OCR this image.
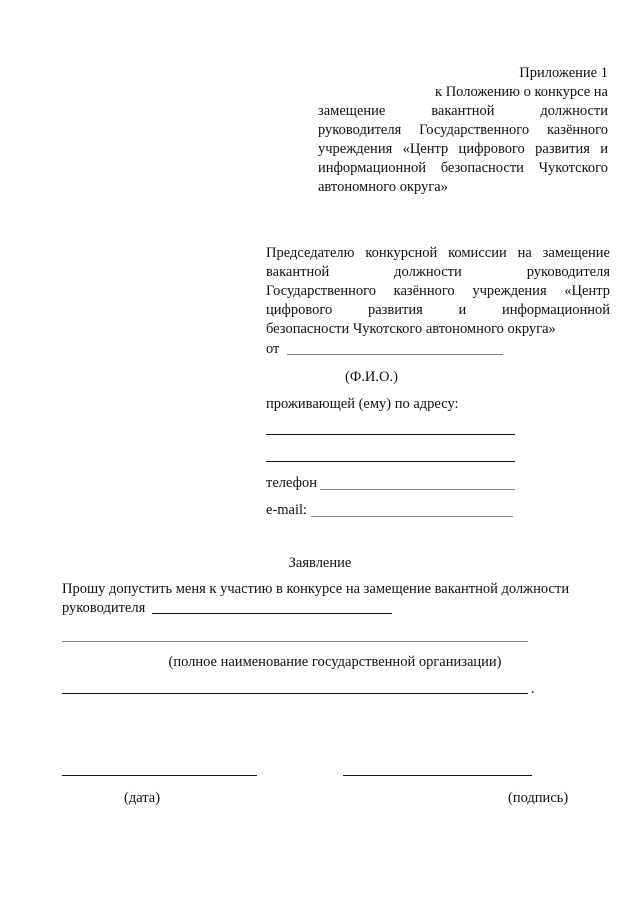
Приложение 1
к Положению о конкурсе на
замещение вакантной должности
руководителя Государственного казённого
учреждения «Центр цифрового развития и
информационной безопасности Чукотского
автономного округа»
Председателю конкурсной комиссии на замещение
вакантной должности руководителя
Государственного казённого учреждения «Центр
цифрового развития и информационной
безопасности Чукотского автономного округа»
от
(Ф.И.О.)
проживающей (ему) по адресу:
телефон
e-mail:
Заявление
Прошу допустить меня к участию в конкурсе на замещение вакантной должности
руководителя
(полное наименование государственной организации)
.
(дата)	(подпись)
